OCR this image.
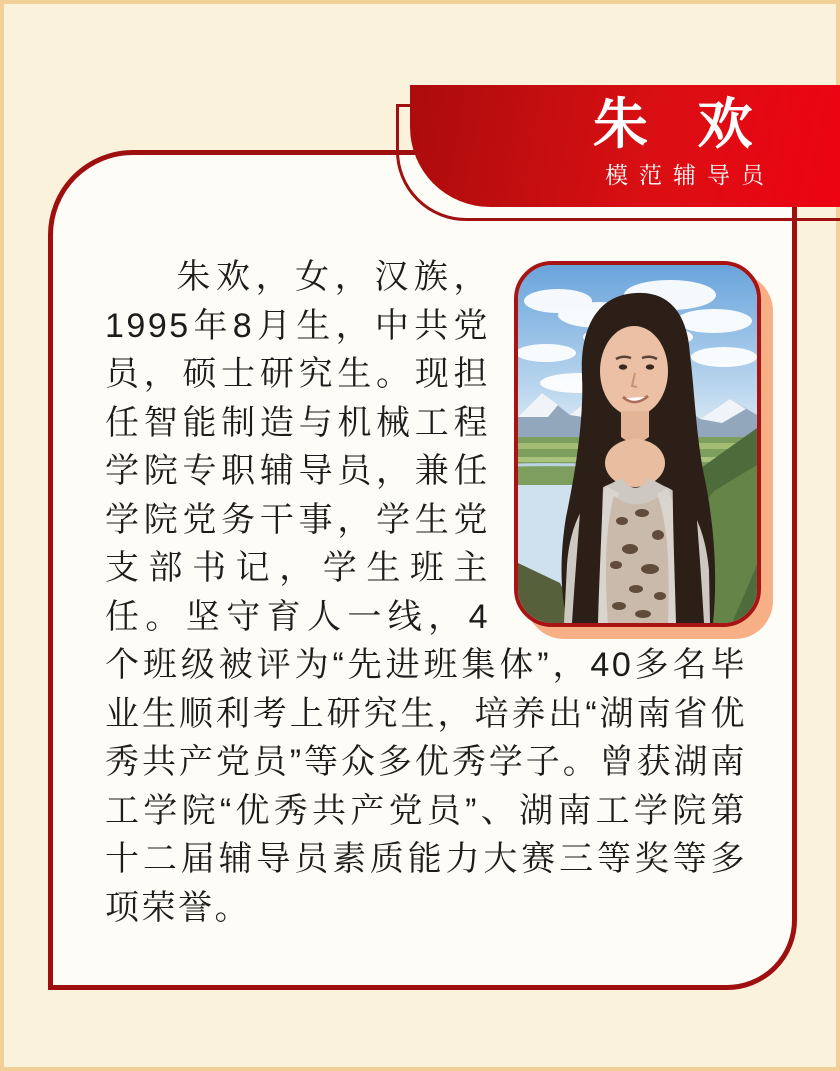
朱欢，女，汉族，1995年8月生，中共党员，硕士研究生。现担任智能制造与机械工程学院专职辅导员，兼任学院党务干事，学生党支部书记，学生班主任。坚守育人一线，4个班级被评为“先进班集体”，40多名毕业生顺利考上研究生，培养出“湖南省优秀共产党员”等众多优秀学子。曾获湖南工学院“优秀共产党员”、湖南工学院第十二届辅导员素质能力大赛三等奖等多项荣誉。

朱欢
模范辅导员
